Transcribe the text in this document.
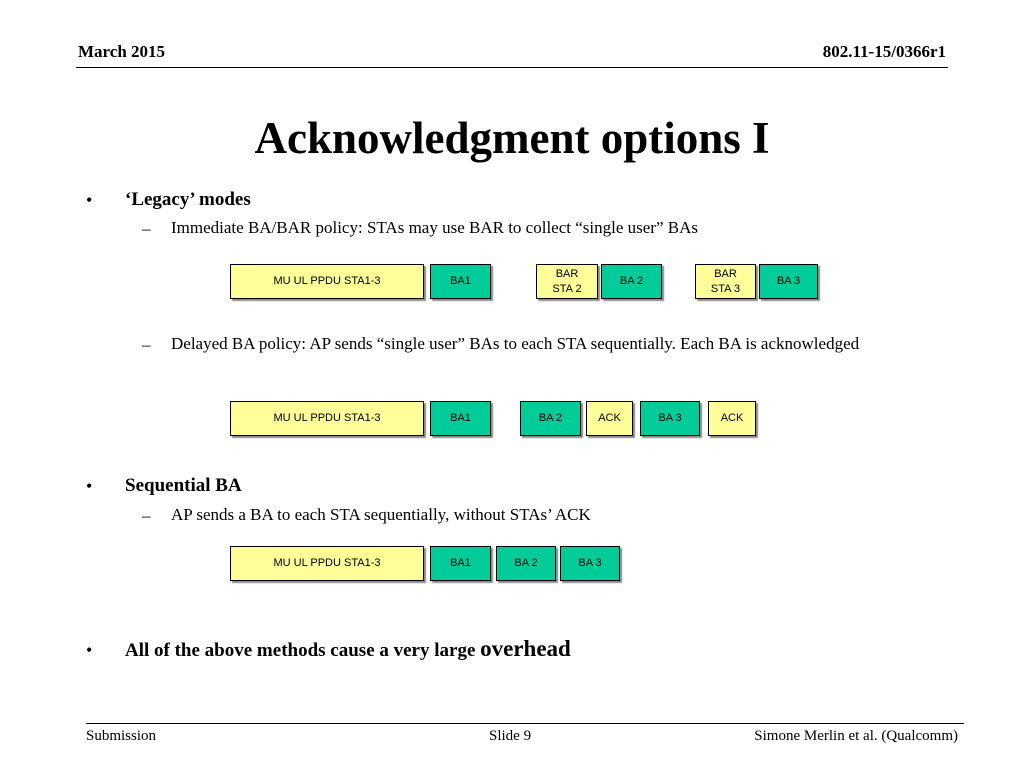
March 2015	802.11-15/0366r1
Acknowledgment options I
• ‘Legacy’ modes
– Immediate BA/BAR policy: STAs may use BAR to collect “single user” BAs
MU UL PPDU STA1-3	BA1
BAR
STA 2
BA 2
BAR
STA 3
BA 3
– Delayed BA policy: AP sends “single user” BAs to each STA sequentially. Each BA is acknowledged
MU UL PPDU STA1-3	BA1	BA 2	ACK	BA 3	ACK
• Sequential BA
– AP sends a BA to each STA sequentially, without STAs’ ACK
MU UL PPDU STA1-3	BA1	BA 2	BA 3
• All of the above methods cause a very large overhead
Submission	Slide 9	Simone Merlin et al. (Qualcomm)
